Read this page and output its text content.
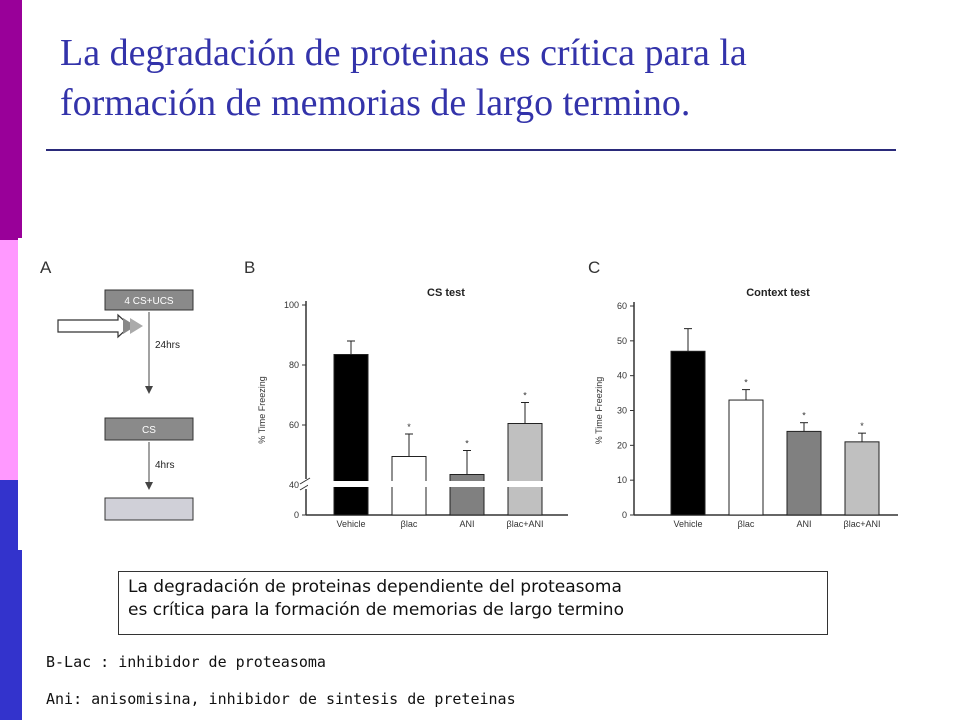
La degradación de proteinas es crítica para la
formación de memorias de largo termino.
A
4 CS+UCS
24hrs
CS
4hrs
B
CS test
% Time Freezing
0
40
60
80
100
Vehicle
*
βlac
*
ANI
*
βlac+ANI
C
Context test
% Time Freezing
0
10
20
30
40
50
60
Vehicle
*
βlac
*
ANI
*
βlac+ANI
La degradación de proteinas dependiente del proteasoma
es crítica para la formación de memorias de largo termino
B-Lac : inhibidor de proteasoma
Ani: anisomisina, inhibidor de sintesis de preteinas
